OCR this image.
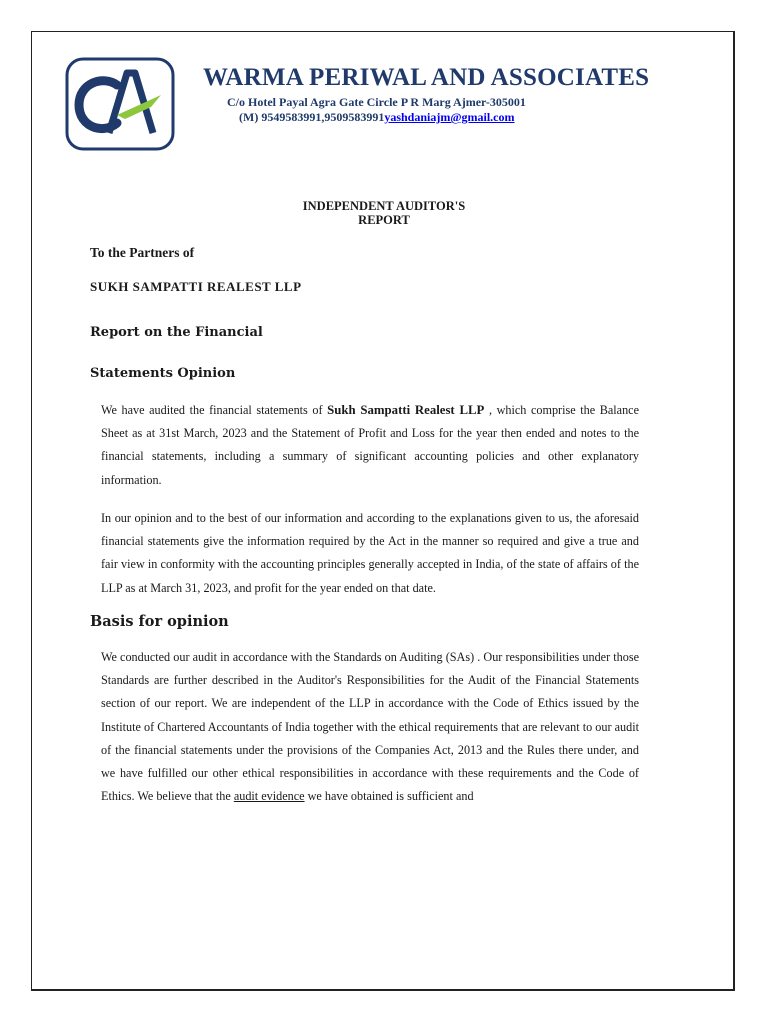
WARMA PERIWAL AND ASSOCIATES
C/o Hotel Payal Agra Gate Circle P R Marg Ajmer-305001
(M) 9549583991,9509583991yashdaniajm@gmail.com
INDEPENDENT AUDITOR'S
REPORT
To the Partners of
SUKH SAMPATTI REALEST LLP
Report on the Financial
Statements Opinion
We have audited the financial statements of Sukh Sampatti Realest LLP , which comprise the Balance Sheet as at 31st March, 2023 and the Statement of Profit and Loss for the year then ended and notes to the financial statements, including a summary of significant accounting policies and other explanatory information.
In our opinion and to the best of our information and according to the explanations given to us, the aforesaid financial statements give the information required by the Act in the manner so required and give a true and fair view in conformity with the accounting principles generally accepted in India, of the state of affairs of the LLP as at March 31, 2023, and profit for the year ended on that date.
Basis for opinion
We conducted our audit in accordance with the Standards on Auditing (SAs) . Our responsibilities under those Standards are further described in the Auditor's Responsibilities for the Audit of the Financial Statements section of our report. We are independent of the LLP in accordance with the Code of Ethics issued by the Institute of Chartered Accountants of India together with the ethical requirements that are relevant to our audit of the financial statements under the provisions of the Companies Act, 2013 and the Rules there under, and we have fulfilled our other ethical responsibilities in accordance with these requirements and the Code of Ethics. We believe that the audit evidence we have obtained is sufficient and
